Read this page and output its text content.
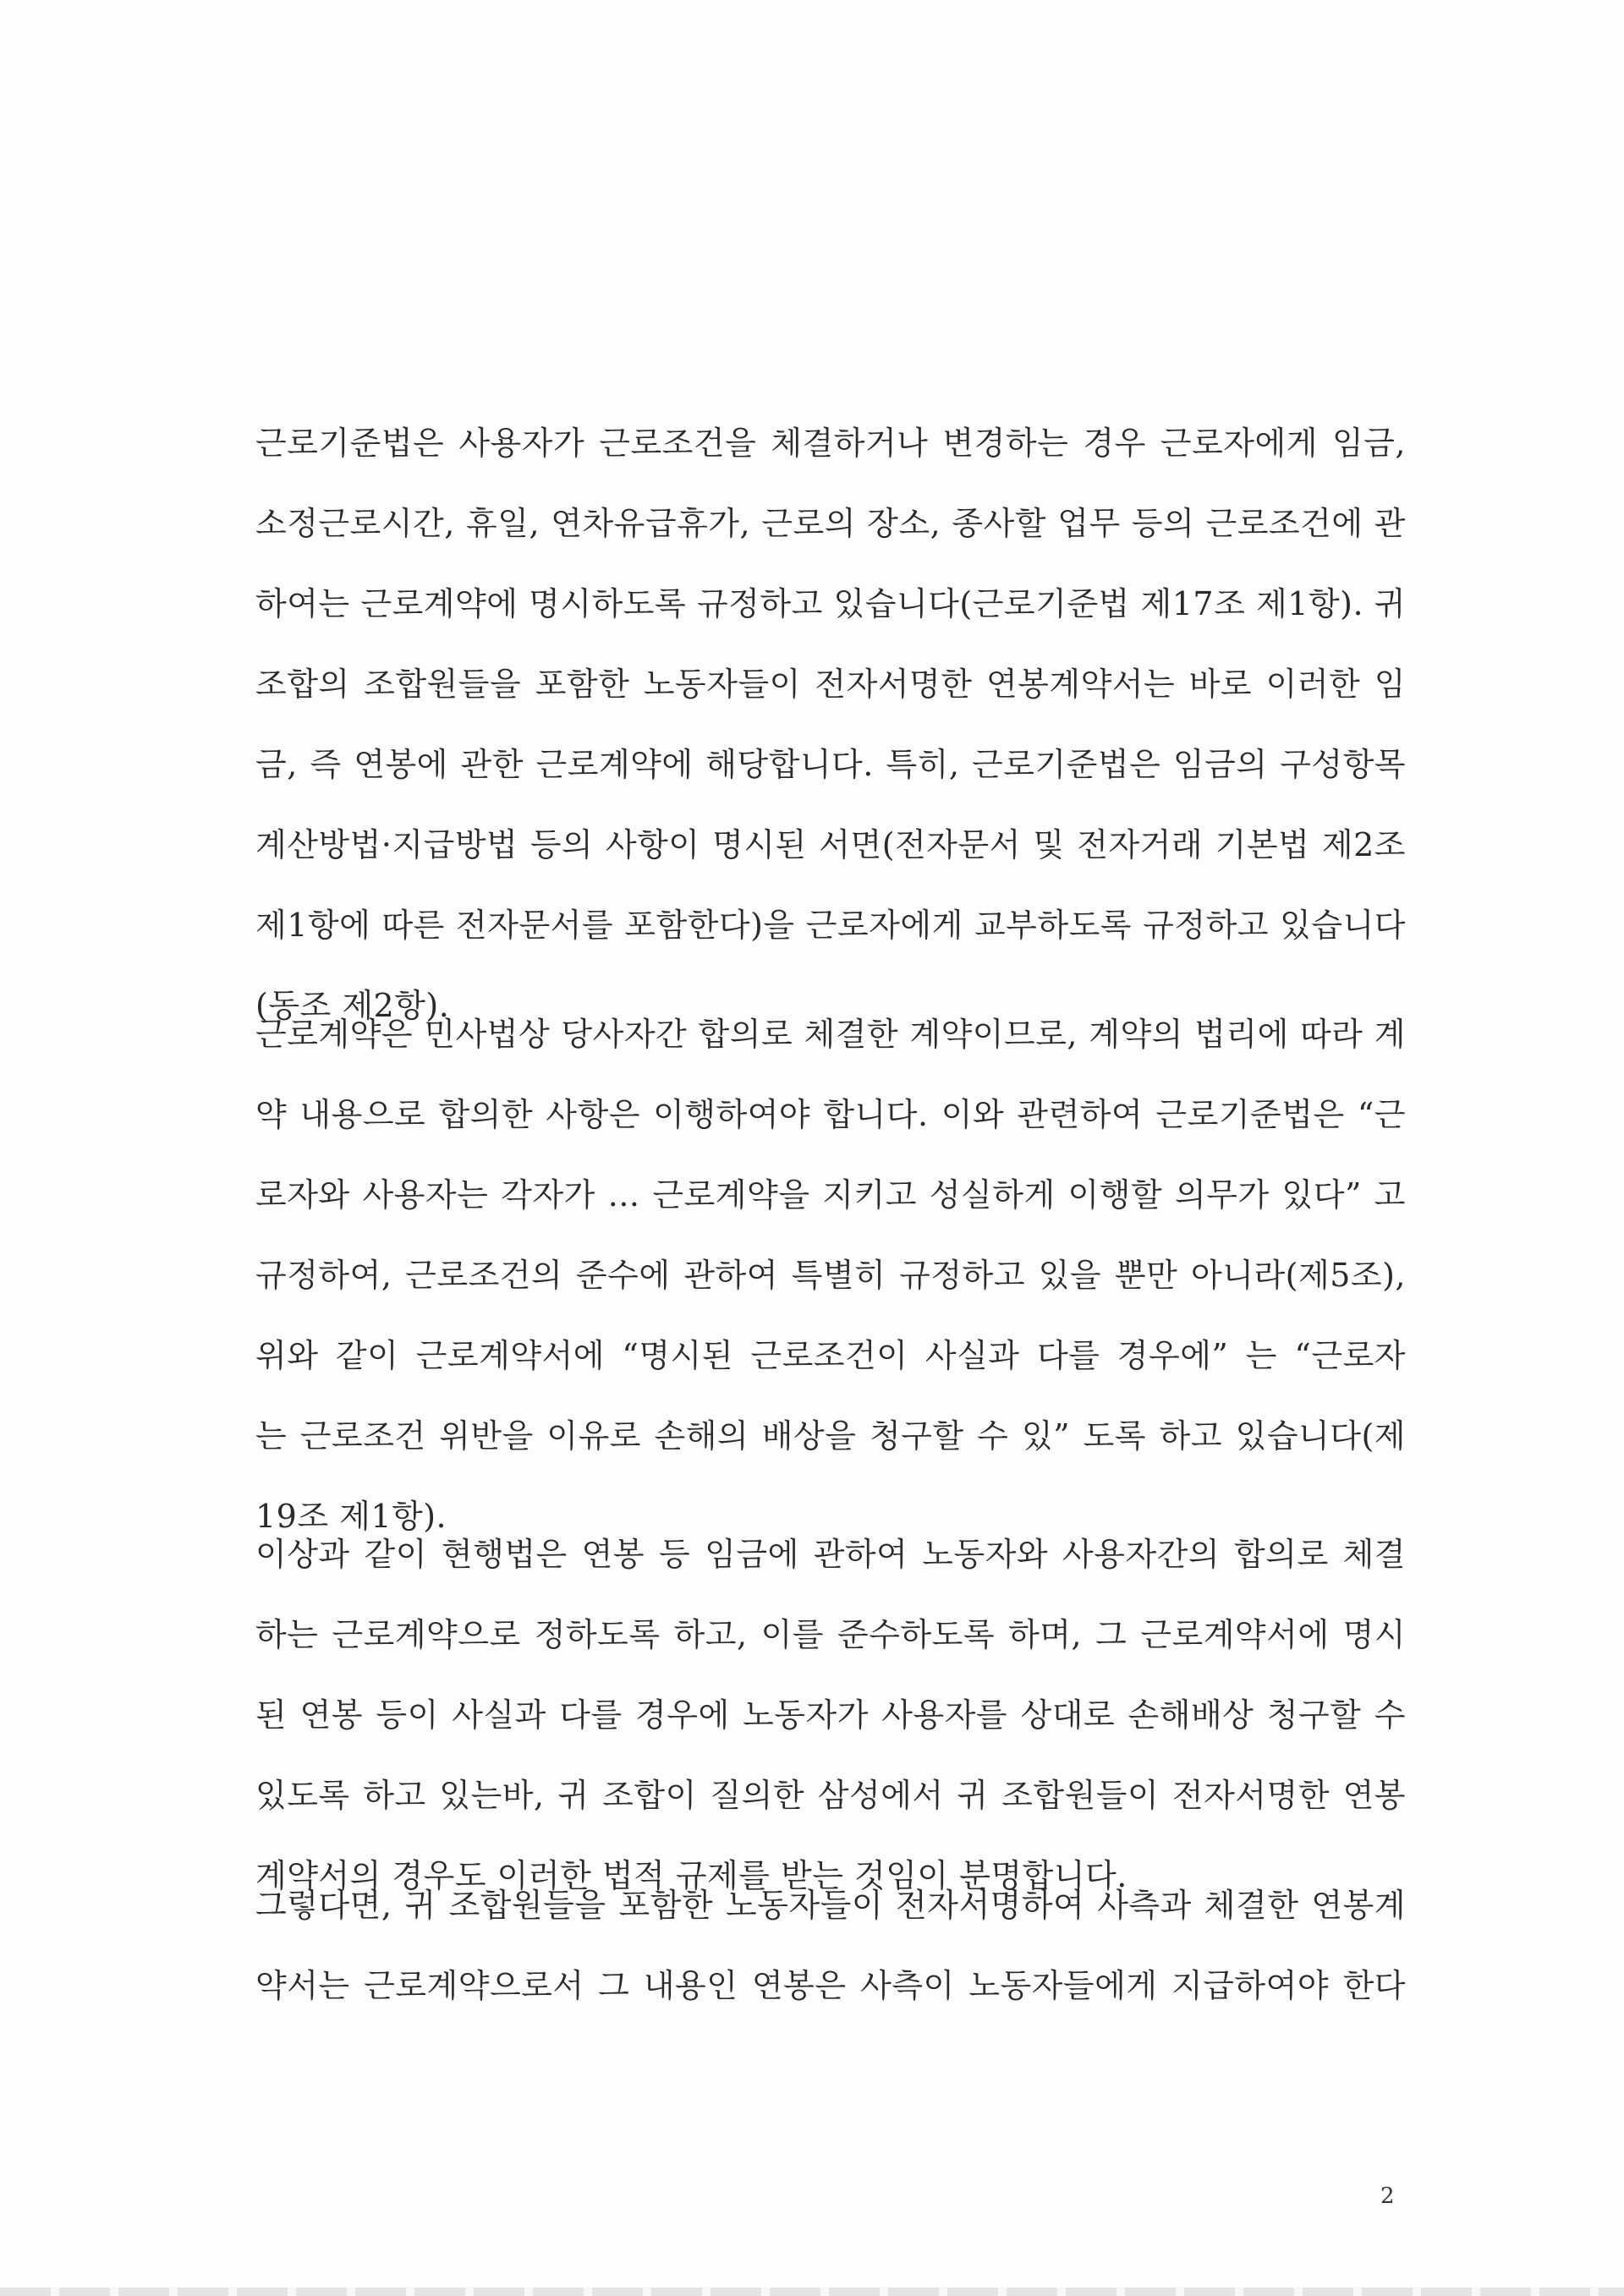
근로기준법은 사용자가 근로조건을 체결하거나 변경하는 경우 근로자에게 임금,
소정근로시간, 휴일, 연차유급휴가, 근로의 장소, 종사할 업무 등의 근로조건에 관
하여는 근로계약에 명시하도록 규정하고 있습니다(근로기준법 제17조 제1항). 귀
조합의 조합원들을 포함한 노동자들이 전자서명한 연봉계약서는 바로 이러한 임
금, 즉 연봉에 관한 근로계약에 해당합니다. 특히, 근로기준법은 임금의 구성항목
계산방법·지급방법 등의 사항이 명시된 서면(전자문서 및 전자거래 기본법 제2조
제1항에 따른 전자문서를 포함한다)을 근로자에게 교부하도록 규정하고 있습니다
(동조 제2항).
근로계약은 민사법상 당사자간 합의로 체결한 계약이므로, 계약의 법리에 따라 계
약 내용으로 합의한 사항은 이행하여야 합니다. 이와 관련하여 근로기준법은 “근
로자와 사용자는 각자가 ... 근로계약을 지키고 성실하게 이행할 의무가 있다” 고
규정하여, 근로조건의 준수에 관하여 특별히 규정하고 있을 뿐만 아니라(제5조),
위와 같이 근로계약서에 “명시된 근로조건이 사실과 다를 경우에” 는 “근로자
는 근로조건 위반을 이유로 손해의 배상을 청구할 수 있” 도록 하고 있습니다(제
19조 제1항).
이상과 같이 현행법은 연봉 등 임금에 관하여 노동자와 사용자간의 합의로 체결
하는 근로계약으로 정하도록 하고, 이를 준수하도록 하며, 그 근로계약서에 명시
된 연봉 등이 사실과 다를 경우에 노동자가 사용자를 상대로 손해배상 청구할 수
있도록 하고 있는바, 귀 조합이 질의한 삼성에서 귀 조합원들이 전자서명한 연봉
계약서의 경우도 이러한 법적 규제를 받는 것임이 분명합니다.
그렇다면, 귀 조합원들을 포함한 노동자들이 전자서명하여 사측과 체결한 연봉계
약서는 근로계약으로서 그 내용인 연봉은 사측이 노동자들에게 지급하여야 한다
2
